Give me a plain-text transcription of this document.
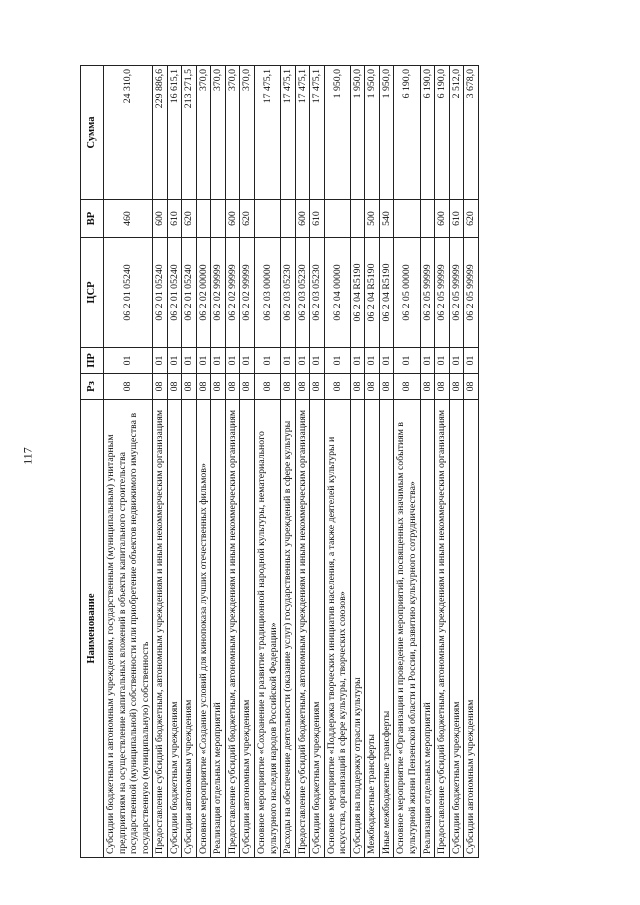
117
Наименование	Рз	ПР	ЦСР	ВР	Сумма
Субсидии бюджетным и автономным учреждениям, государственным (муниципальным) унитарным предприятиям на осуществление капитальных вложений в объекты капитального строительства государственной (муниципальной) собственности или приобретение объектов недвижимого имущества в государственную (муниципальную) собственность	08	01	06 2 01 05240	460	24 310,0
Предоставление субсидий бюджетным, автономным учреждениям и иным некоммерческим организациям	08	01	06 2 01 05240	600	229 886,6
Субсидии бюджетным учреждениям	08	01	06 2 01 05240	610	16 615,1
Субсидии автономным учреждениям	08	01	06 2 01 05240	620	213 271,5
Основное мероприятие «Создание условий для кинопоказа лучших отечественных фильмов»	08	01	06 2 02 00000		370,0
Реализация отдельных мероприятий	08	01	06 2 02 99999		370,0
Предоставление субсидий бюджетным, автономным учреждениям и иным некоммерческим организациям	08	01	06 2 02 99999	600	370,0
Субсидии автономным учреждениям	08	01	06 2 02 99999	620	370,0
Основное мероприятие «Сохранение и развитие традиционной народной культуры, нематериального культурного наследия народов Российской Федерации»	08	01	06 2 03 00000		17 475,1
Расходы на обеспечение деятельности (оказание услуг) государственных учреждений в сфере культуры	08	01	06 2 03 05230		17 475,1
Предоставление субсидий бюджетным, автономным учреждениям и иным некоммерческим организациям	08	01	06 2 03 05230	600	17 475,1
Субсидии бюджетным учреждениям	08	01	06 2 03 05230	610	17 475,1
Основное мероприятие «Поддержка творческих инициатив населения, а также деятелей культуры и искусства, организаций в сфере культуры, творческих союзов»	08	01	06 2 04 00000		1 950,0
Субсидия на поддержку отрасли культуры	08	01	06 2 04 R5190		1 950,0
Межбюджетные трансферты	08	01	06 2 04 R5190	500	1 950,0
Иные межбюджетные трансферты	08	01	06 2 04 R5190	540	1 950,0
Основное мероприятие «Организация и проведение мероприятий, посвященных значимым событиям в культурной жизни Пензенской области и России, развитию культурного сотрудничества»	08	01	06 2 05 00000		6 190,0
Реализация отдельных мероприятий	08	01	06 2 05 99999		6 190,0
Предоставление субсидий бюджетным, автономным учреждениям и иным некоммерческим организациям	08	01	06 2 05 99999	600	6 190,0
Субсидии бюджетным учреждениям	08	01	06 2 05 99999	610	2 512,0
Субсидии автономным учреждениям	08	01	06 2 05 99999	620	3 678,0
